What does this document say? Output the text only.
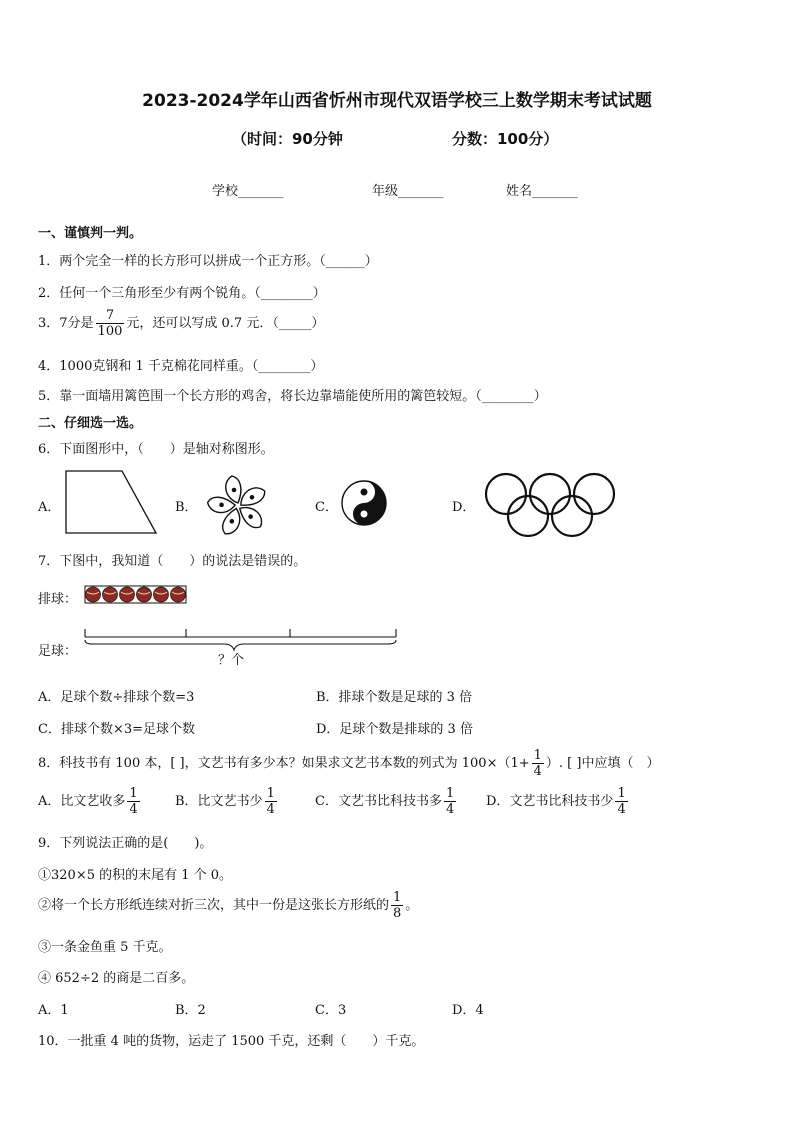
2023-2024学年山西省忻州市现代双语学校三上数学期末考试试题
（时间：90分钟	分数：100分）
学校_______	年级_______	姓名_______
一、谨慎判一判。
1．两个完全一样的长方形可以拼成一个正方形。（______）
2．任何一个三角形至少有两个锐角。（________）
3．7分是 $\frac{7}{100}$ 元，还可以写成 0.7 元．（_____）
4．1000克钢和 1 千克棉花同样重。（________）
5．靠一面墙用篱笆围一个长方形的鸡舍，将长边靠墙能使所用的篱笆较短。（________）
二、仔细选一选。
6．下面图形中，（　　）是轴对称图形。
A．	B．	C．	D．
7．下图中，我知道（　　）的说法是错误的。
排球：
足球：
？个
A．足球个数÷排球个数=3	B．排球个数是足球的 3 倍
C．排球个数×3=足球个数	D．足球个数是排球的 3 倍
8．科技书有 100 本，[ ]，文艺书有多少本？如果求文艺书本数的列式为 $100\times(1+ \frac{1}{4}$ ）. [ ]中应填（　）
A．比文艺收多 $\frac{1}{4}$	B．比文艺书少 $\frac{1}{4}$	C．文艺书比科技书多 $\frac{1}{4}$ D．文艺书比科技书少 $\frac{1}{4}$
9．下列说法正确的是(　　)。
①320×5 的积的末尾有 1 个 0。
②将一个长方形纸连续对折三次，其中一份是这张长方形纸的 $\frac{1}{8}$ 。
③一条金鱼重 5 千克。
④ 652÷2 的商是二百多。
A．1	B．2	C．3	D．4
10．一批重 4 吨的货物，运走了 1500 千克，还剩（　　）千克。
